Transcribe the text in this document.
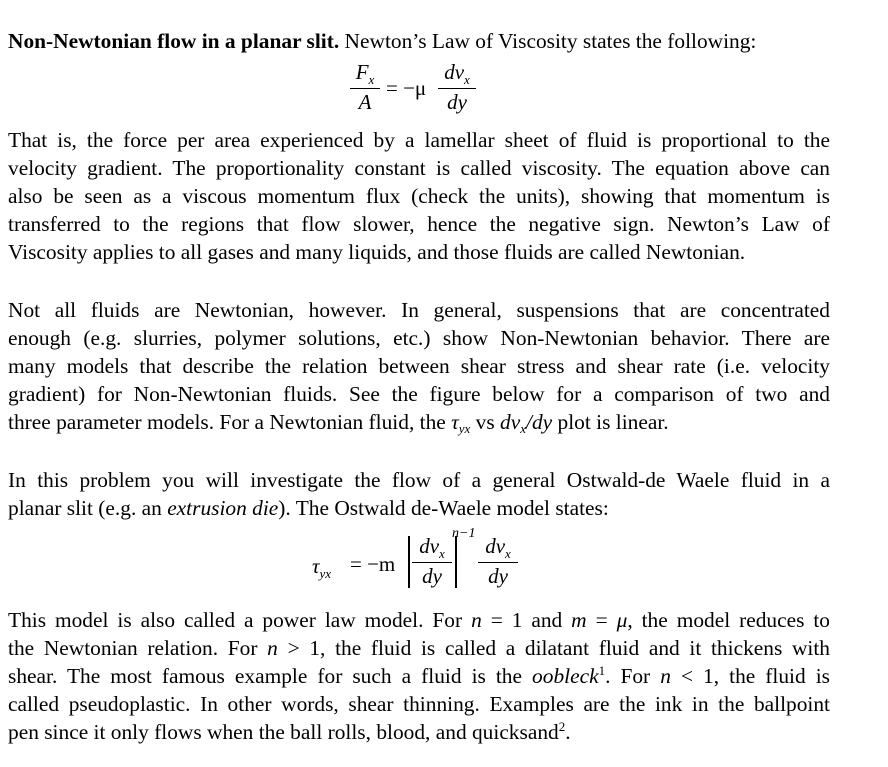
Non-Newtonian flow in a planar slit. Newton’s Law of Viscosity states the following:
$F_x$
A
= −μ
$dv_x$
dy
That is, the force per area experienced by a lamellar sheet of fluid is proportional to the
velocity gradient. The proportionality constant is called viscosity. The equation above can
also be seen as a viscous momentum flux (check the units), showing that momentum is
transferred to the regions that flow slower, hence the negative sign. Newton’s Law of
Viscosity applies to all gases and many liquids, and those fluids are called Newtonian.
Not all fluids are Newtonian, however. In general, suspensions that are concentrated
enough (e.g. slurries, polymer solutions, etc.) show Non-Newtonian behavior. There are
many models that describe the relation between shear stress and shear rate (i.e. velocity
gradient) for Non-Newtonian fluids. See the figure below for a comparison of two and
three parameter models. For a Newtonian fluid, the τyx vs dvx/dy plot is linear.
In this problem you will investigate the flow of a general Ostwald-de Waele fluid in a
planar slit (e.g. an extrusion die). The Ostwald de-Waele model states:
$\tau_{yx} = -m$
$dv_x$
dy
n−1
$dv_x$
dy
This model is also called a power law model. For n = 1 and m = μ, the model reduces to
the Newtonian relation. For n > 1, the fluid is called a dilatant fluid and it thickens with
shear. The most famous example for such a fluid is the oobleck$^1$. For n < 1, the fluid is
called pseudoplastic. In other words, shear thinning. Examples are the ink in the ballpoint
pen since it only flows when the ball rolls, blood, and quicksand$^2$.
